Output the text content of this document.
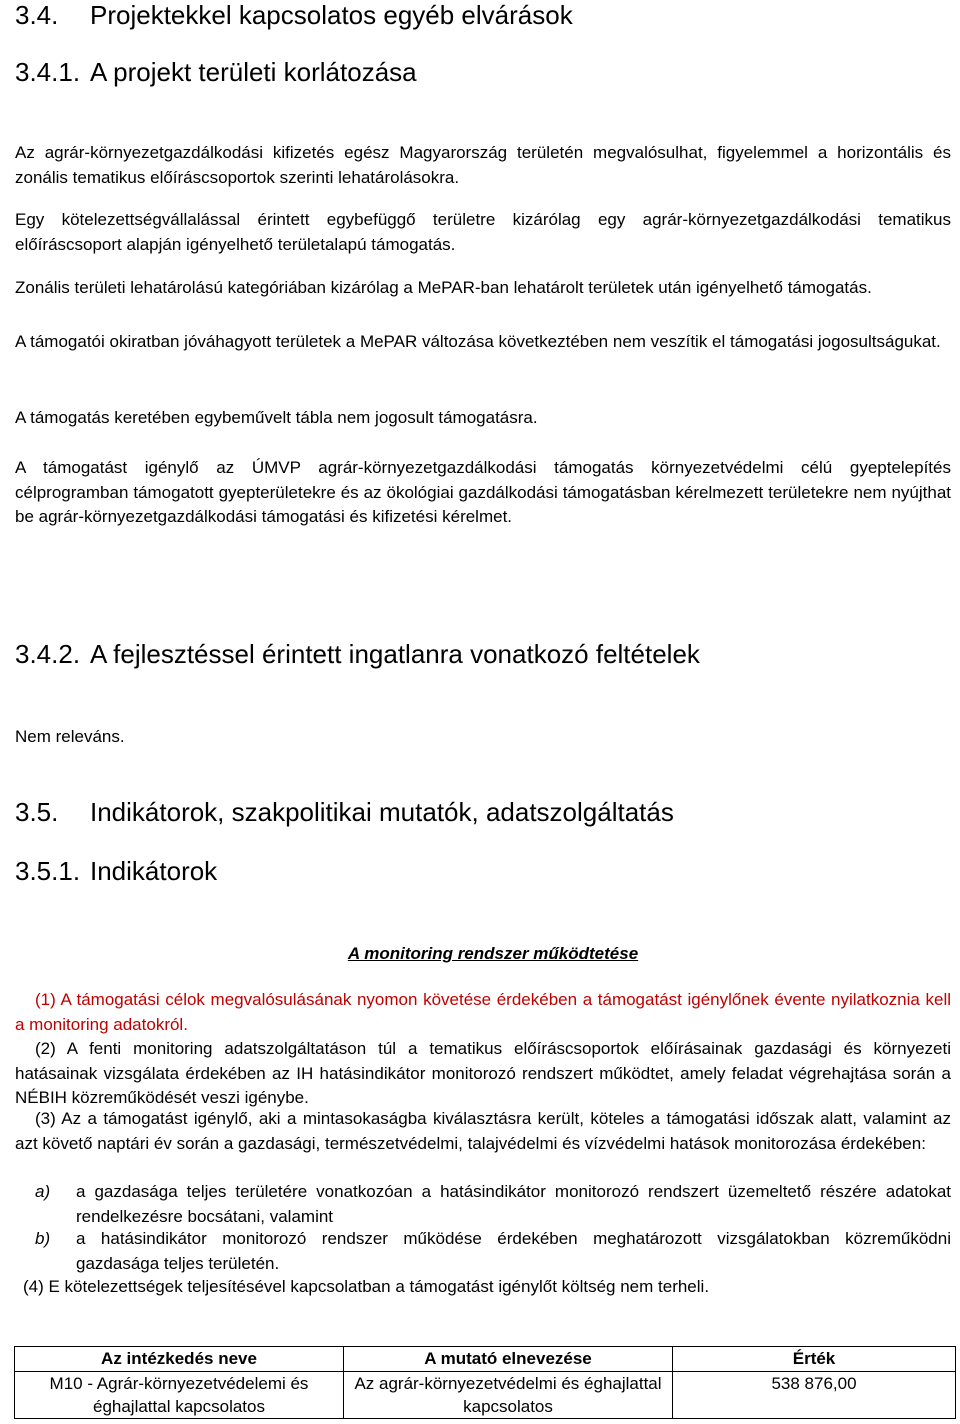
3.4. Projektekkel kapcsolatos egyéb elvárások
3.4.1. A projekt területi korlátozása
Az agrár-környezetgazdálkodási kifizetés egész Magyarország területén megvalósulhat, figyelemmel a horizontális és zonális tematikus előíráscsoportok szerinti lehatárolásokra.
Egy kötelezettségvállalással érintett egybefüggő területre kizárólag egy agrár-környezetgazdálkodási tematikus előíráscsoport alapján igényelhető területalapú támogatás.
Zonális területi lehatárolású kategóriában kizárólag a MePAR-ban lehatárolt területek után igényelhető támogatás.
A támogatói okiratban jóváhagyott területek a MePAR változása következtében nem veszítik el támogatási jogosultságukat.
A támogatás keretében egybeművelt tábla nem jogosult támogatásra.
A támogatást igénylő az ÚMVP agrár-környezetgazdálkodási támogatás környezetvédelmi célú gyeptelepítés célprogramban támogatott gyepterületekre és az ökológiai gazdálkodási támogatásban kérelmezett területekre nem nyújthat be agrár-környezetgazdálkodási támogatási és kifizetési kérelmet.
3.4.2. A fejlesztéssel érintett ingatlanra vonatkozó feltételek
Nem releváns.
3.5. Indikátorok, szakpolitikai mutatók, adatszolgáltatás
3.5.1. Indikátorok
A monitoring rendszer működtetése
(1) A támogatási célok megvalósulásának nyomon követése érdekében a támogatást igénylőnek évente nyilatkoznia kell a monitoring adatokról.
(2) A fenti monitoring adatszolgáltatáson túl a tematikus előíráscsoportok előírásainak gazdasági és környezeti hatásainak vizsgálata érdekében az IH hatásindikátor monitorozó rendszert működtet, amely feladat végrehajtása során a NÉBIH közreműködését veszi igénybe.
(3) Az a támogatást igénylő, aki a mintasokaságba kiválasztásra került, köteles a támogatási időszak alatt, valamint az azt követő naptári év során a gazdasági, természetvédelmi, talajvédelmi és vízvédelmi hatások monitorozása érdekében:
a)	a gazdasága teljes területére vonatkozóan a hatásindikátor monitorozó rendszert üzemeltető részére adatokat rendelkezésre bocsátani, valamint
b)	a hatásindikátor monitorozó rendszer működése érdekében meghatározott vizsgálatokban közreműködni gazdasága teljes területén.
(4) E kötelezettségek teljesítésével kapcsolatban a támogatást igénylőt költség nem terheli.
Az intézkedés neve	A mutató elnevezése	Érték
M10 - Agrár-környezetvédelemi és éghajlattal kapcsolatos	Az agrár-környezetvédelmi és éghajlattal kapcsolatos	538 876,00
